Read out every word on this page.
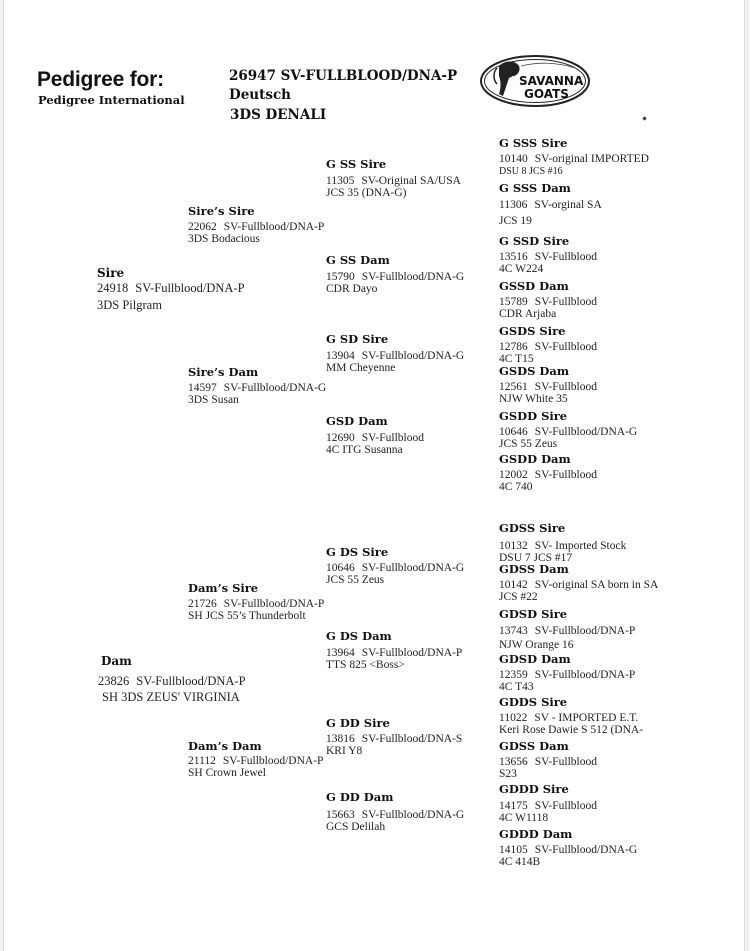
Pedigree for:
Pedigree International
26947 SV-FULLBLOOD/DNA-P
Deutsch
3DS DENALI
SAVANNA
GOATS
Sire
24918 SV-Fullblood/DNA-P
3DS Pilgram
Dam
23826 SV-Fullblood/DNA-P
SH 3DS ZEUS' VIRGINIA
Sire’s Sire
22062 SV-Fullblood/DNA-P
3DS Bodacious
Sire’s Dam
14597 SV-Fullblood/DNA-G
3DS Susan
Dam’s Sire
21726 SV-Fullblood/DNA-P
SH JCS 55’s Thunderbolt
Dam’s Dam
21112 SV-Fullblood/DNA-P
SH Crown Jewel
G SS Sire
11305 SV-Original SA/USA
JCS 35 (DNA-G)
G SS Dam
15790 SV-Fullblood/DNA-G
CDR Dayo
G SD Sire
13904 SV-Fullblood/DNA-G
MM Cheyenne
GSD Dam
12690 SV-Fullblood
4C ITG Susanna
G DS Sire
10646 SV-Fullblood/DNA-G
JCS 55 Zeus
G DS Dam
13964 SV-Fullblood/DNA-P
TTS 825 <Boss>
G DD Sire
13816 SV-Fullblood/DNA-S
KRI Y8
G DD Dam
15663 SV-Fullblood/DNA-G
GCS Delilah
G SSS Sire
10140 SV-original IMPORTED
DSU 8 JCS #16
G SSS Dam
11306 SV-orginal SA
JCS 19
G SSD Sire
13516 SV-Fullblood
4C W224
GSSD Dam
15789 SV-Fullblood
CDR Arjaba
GSDS Sire
12786 SV-Fullblood
4C T15
GSDS Dam
12561 SV-Fullblood
NJW White 35
GSDD Sire
10646 SV-Fullblood/DNA-G
JCS 55 Zeus
GSDD Dam
12002 SV-Fullblood
4C 740
GDSS Sire
10132 SV- Imported Stock
DSU 7 JCS #17
GDSS Dam
10142 SV-original SA born in SA
JCS #22
GDSD Sire
13743 SV-Fullblood/DNA-P
NJW Orange 16
GDSD Dam
12359 SV-Fullblood/DNA-P
4C T43
GDDS Sire
11022 SV - IMPORTED E.T.
Keri Rose Dawie S 512 (DNA-
GDSS Dam
13656 SV-Fullblood
S23
GDDD Sire
14175 SV-Fullblood
4C W1118
GDDD Dam
14105 SV-Fullblood/DNA-G
4C 414B
